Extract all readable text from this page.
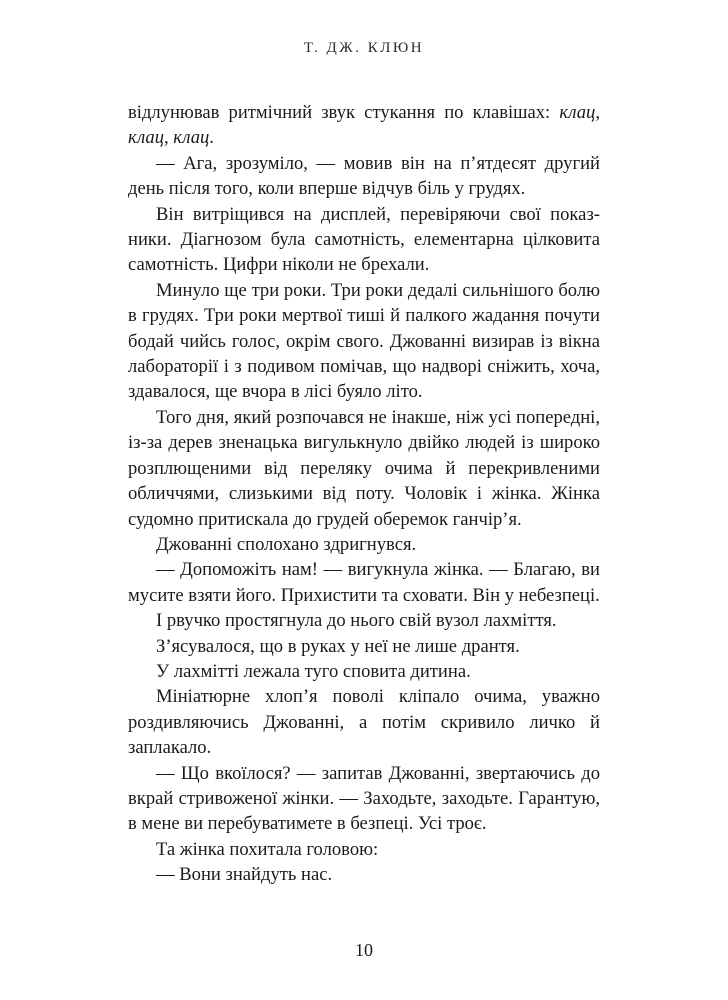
Т. ДЖ. КЛЮН

відлунював ритмічний звук стукання по клавішах: клац, клац, клац.

— Ага, зрозуміло, — мовив він на п’ятдесят другий день після того, коли вперше відчув біль у грудях.

Він витріщився на дисплей, перевіряючи свої показники. Діагнозом була самотність, елементарна цілковита самотність. Цифри ніколи не брехали.

Минуло ще три роки. Три роки дедалі сильнішого болю в грудях. Три роки мертвої тиші й палкого жадання почути бодай чийсь голос, окрім свого. Джованні визирав із вікна лабораторії і з подивом помічав, що надворі сніжить, хоча, здавалося, ще вчора в лісі буяло літо.

Того дня, який розпочався не інакше, ніж усі попередні, із-за дерев зненацька вигулькнуло двійко людей із широко розплющеними від переляку очима й перекривленими обличчями, слизькими від поту. Чоловік і жінка. Жінка судомно притискала до грудей оберемок ганчір’я.

Джованні сполохано здригнувся.

— Допоможіть нам! — вигукнула жінка. — Благаю, ви мусите взяти його. Прихистити та сховати. Він у небезпеці.

І рвучко простягнула до нього свій вузол лахміття.

З’ясувалося, що в руках у неї не лише дрантя.

У лахмітті лежала туго сповита дитина.

Мініатюрне хлоп’я поволі кліпало очима, уважно роздивляючись Джованні, а потім скривило личко й заплакало.

— Що вкоїлося? — запитав Джованні, звертаючись до вкрай стривоженої жінки. — Заходьте, заходьте. Гарантую, в мене ви перебуватимете в безпеці. Усі троє.

Та жінка похитала головою:

— Вони знайдуть нас.

10
